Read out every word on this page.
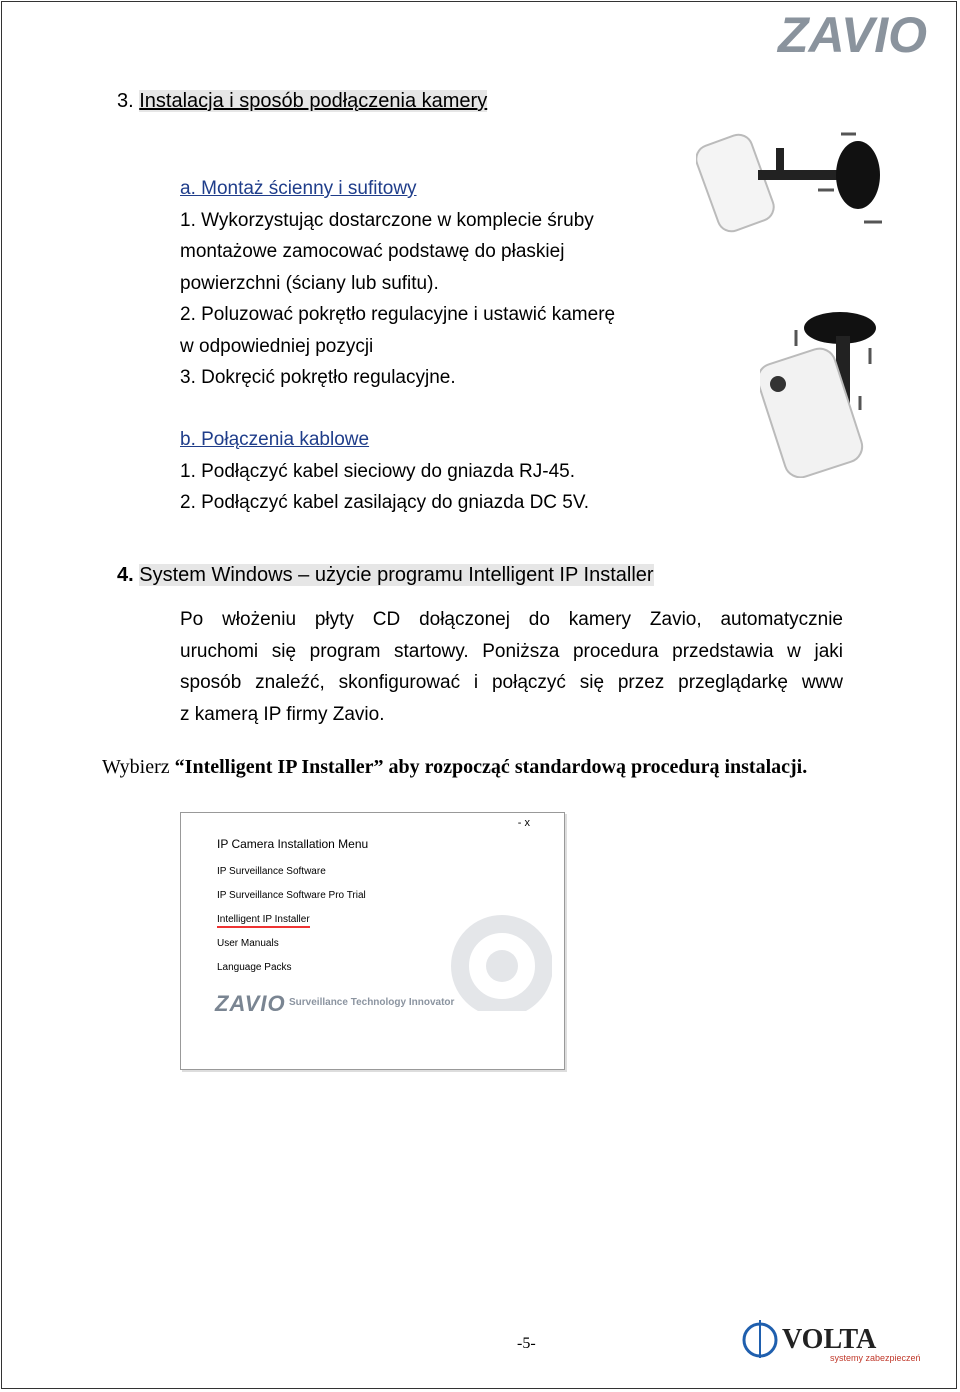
ZAVIO
3. Instalacja i sposób podłączenia kamery
a. Montaż ścienny i sufitowy
1. Wykorzystując dostarczone w komplecie śruby
montażowe zamocować podstawę do płaskiej
powierzchni (ściany lub sufitu).
2. Poluzować pokrętło regulacyjne i ustawić kamerę
w odpowiedniej pozycji
3. Dokręcić pokrętło regulacyjne.
b. Połączenia kablowe
1. Podłączyć kabel sieciowy do gniazda RJ-45.
2. Podłączyć kabel zasilający do gniazda DC 5V.
4. System Windows – użycie programu Intelligent IP Installer
Po włożeniu płyty CD dołączonej do kamery Zavio, automatycznie
uruchomi się program startowy. Poniższa procedura przedstawia w jaki
sposób znaleźć, skonfigurować i połączyć się przez przeglądarkę www
z kamerą IP firmy Zavio.
Wybierz “Intelligent IP Installer” aby rozpocząć standardową procedurą instalacji.
- x
IP Camera Installation Menu
IP Surveillance Software
IP Surveillance Software Pro Trial
Intelligent IP Installer
User Manuals
Language Packs
ZAVIO Surveillance Technology Innovator
-5-	VOLTA
systemy zabezpieczeń
